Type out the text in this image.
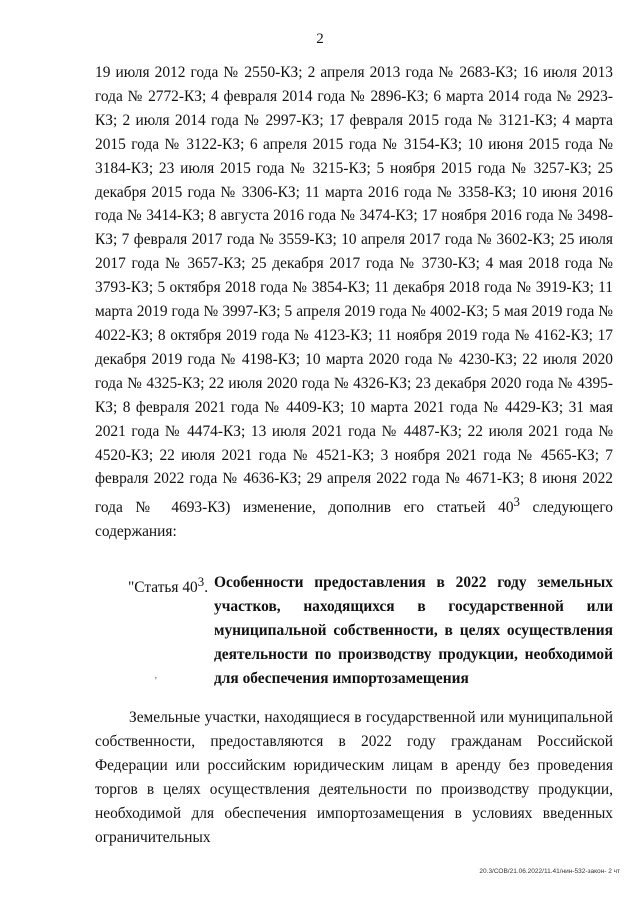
2

19 июля 2012 года № 2550-КЗ; 2 апреля 2013 года № 2683-КЗ; 16 июля 2013 года № 2772-КЗ; 4 февраля 2014 года № 2896-КЗ; 6 марта 2014 года № 2923-КЗ; 2 июля 2014 года № 2997-КЗ; 17 февраля 2015 года № 3121-КЗ; 4 марта 2015 года № 3122-КЗ; 6 апреля 2015 года № 3154-КЗ; 10 июня 2015 года № 3184-КЗ; 23 июля 2015 года № 3215-КЗ; 5 ноября 2015 года № 3257-КЗ; 25 декабря 2015 года № 3306-КЗ; 11 марта 2016 года № 3358-КЗ; 10 июня 2016 года № 3414-КЗ; 8 августа 2016 года № 3474-КЗ; 17 ноября 2016 года № 3498-КЗ; 7 февраля 2017 года № 3559-КЗ; 10 апреля 2017 года № 3602-КЗ; 25 июля 2017 года № 3657-КЗ; 25 декабря 2017 года № 3730-КЗ; 4 мая 2018 года № 3793-КЗ; 5 октября 2018 года № 3854-КЗ; 11 декабря 2018 года № 3919-КЗ; 11 марта 2019 года № 3997-КЗ; 5 апреля 2019 года № 4002-КЗ; 5 мая 2019 года № 4022-КЗ; 8 октября 2019 года № 4123-КЗ; 11 ноября 2019 года № 4162-КЗ; 17 декабря 2019 года № 4198-КЗ; 10 марта 2020 года № 4230-КЗ; 22 июля 2020 года № 4325-КЗ; 22 июля 2020 года № 4326-КЗ; 23 декабря 2020 года № 4395-КЗ; 8 февраля 2021 года № 4409-КЗ; 10 марта 2021 года № 4429-КЗ; 31 мая 2021 года № 4474-КЗ; 13 июля 2021 года № 4487-КЗ; 22 июля 2021 года № 4520-КЗ; 22 июля 2021 года № 4521-КЗ; 3 ноября 2021 года № 4565-КЗ; 7 февраля 2022 года № 4636-КЗ; 29 апреля 2022 года № 4671-КЗ; 8 июня 2022 года № 4693-КЗ) изменение, дополнив его статьей $40^3$ следующего содержания:

"Статья $40^3$. Особенности предоставления в 2022 году земельных участков, находящихся в государственной или муниципальной собственности, в целях осуществления деятельности по производству продукции, необходимой для обеспечения импортозамещения
'

Земельные участки, находящиеся в государственной или муниципальной собственности, предоставляются в 2022 году гражданам Российской Федерации или российским юридическим лицам в аренду без проведения торгов в целях осуществления деятельности по производству продукции, необходимой для обеспечения импортозамещения в условиях введенных ограничительных

20.3/СОВ/21.06.2022/11.41/нин-532-закон- 2 чт
